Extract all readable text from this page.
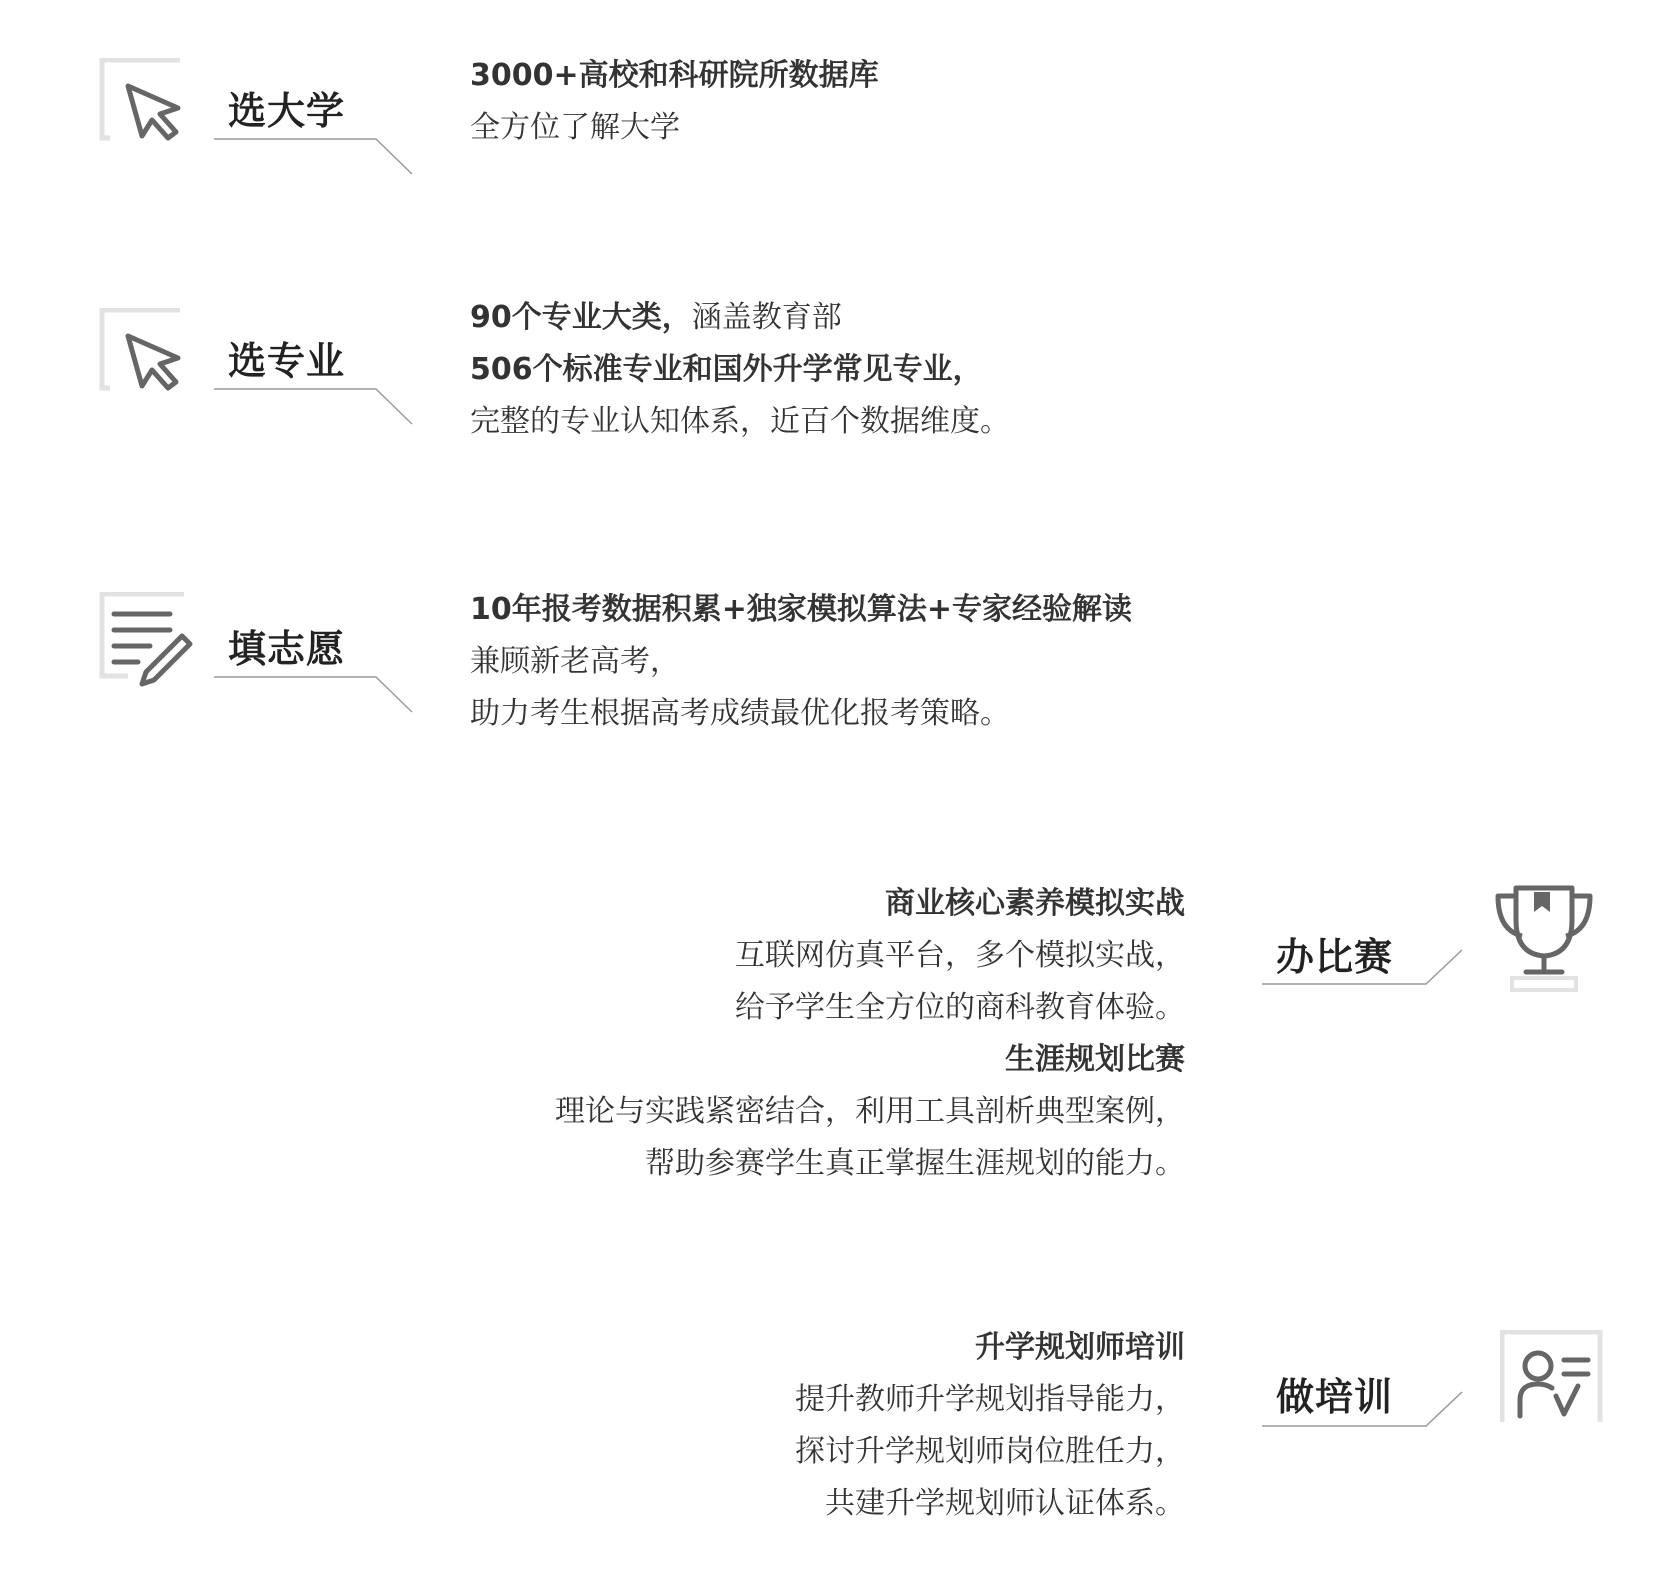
选大学
3000+高校和科研院所数据库
全方位了解大学
选专业
90个专业大类，涵盖教育部
506个标准专业和国外升学常见专业，
完整的专业认知体系，近百个数据维度。
填志愿
10年报考数据积累+独家模拟算法+专家经验解读
兼顾新老高考，
助力考生根据高考成绩最优化报考策略。
商业核心素养模拟实战
互联网仿真平台，多个模拟实战，
给予学生全方位的商科教育体验。
生涯规划比赛
理论与实践紧密结合，利用工具剖析典型案例，
帮助参赛学生真正掌握生涯规划的能力。
办比赛
升学规划师培训
提升教师升学规划指导能力，
探讨升学规划师岗位胜任力，
共建升学规划师认证体系。
做培训
